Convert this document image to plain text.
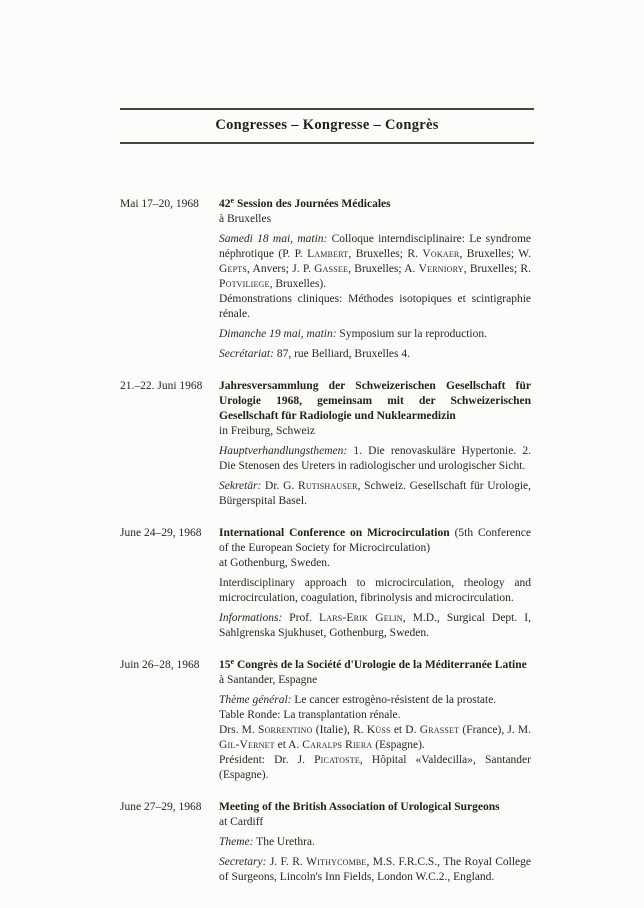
Congresses – Kongresse – Congrès
Mai 17–20, 1968	42e Session des Journées Médicales
à Bruxelles
Samedi 18 mai, matin: Colloque interndisciplinaire: Le syndrome néphrotique (P. P. Lambert, Bruxelles; R. Vokaer, Bruxelles; W. Gepts, Anvers; J. P. Gassee, Bruxelles; A. Verniory, Bruxelles; R. Potviliege, Bruxelles).
Démonstrations cliniques: Méthodes isotopiques et scintigraphie rénale.
Dimanche 19 mai, matin: Symposium sur la reproduction.
Secrétariat: 87, rue Belliard, Bruxelles 4.
21.–22. Juni 1968	Jahresversammlung der Schweizerischen Gesellschaft für Urologie 1968, gemeinsam mit der Schweizerischen Gesellschaft für Radiologie und Nuklearmedizin
in Freiburg, Schweiz
Hauptverhandlungsthemen: 1. Die renovaskuläre Hypertonie. 2. Die Stenosen des Ureters in radiologischer und urologischer Sicht.
Sekretär: Dr. G. Rutishauser, Schweiz. Gesellschaft für Urologie, Bürgerspital Basel.
June 24–29, 1968	International Conference on Microcirculation (5th Conference of the European Society for Microcirculation)
at Gothenburg, Sweden.
Interdisciplinary approach to microcirculation, rheology and microcirculation, coagulation, fibrinolysis and microcirculation.
Informations: Prof. Lars-Erik Gelin, M.D., Surgical Dept. I, Sahlgrenska Sjukhuset, Gothenburg, Sweden.
Juin 26–28, 1968	15e Congrès de la Société d'Urologie de la Méditerranée Latine
à Santander, Espagne
Thème général: Le cancer estrogèno-résistent de la prostate.
Table Ronde: La transplantation rénale.
Drs. M. Sorrentino (Italie), R. Küss et D. Grasset (France), J. M. Gil-Vernet et A. Caralps Riera (Espagne).
Président: Dr. J. Picatoste, Hôpital «Valdecilla», Santander (Espagne).
June 27–29, 1968	Meeting of the British Association of Urological Surgeons
at Cardiff
Theme: The Urethra.
Secretary: J. F. R. Withycombe, M.S. F.R.C.S., The Royal College of Surgeons, Lincoln's Inn Fields, London W.C.2., England.
